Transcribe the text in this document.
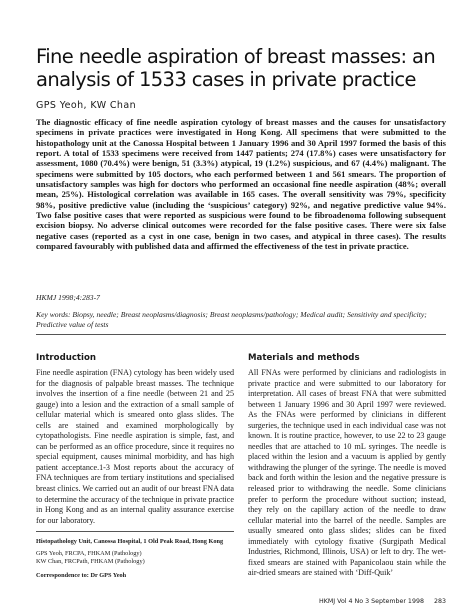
Fine needle aspiration of breast masses: an analysis of 1533 cases in private practice
GPS Yeoh, KW Chan

The diagnostic efficacy of fine needle aspiration cytology of breast masses and the causes for unsatisfactory specimens in private practices were investigated in Hong Kong. All specimens that were submitted to the histopathology unit at the Canossa Hospital between 1 January 1996 and 30 April 1997 formed the basis of this report. A total of 1533 specimens were received from 1447 patients; 274 (17.8%) cases were unsatisfactory for assessment, 1080 (70.4%) were benign, 51 (3.3%) atypical, 19 (1.2%) suspicious, and 67 (4.4%) malignant. The specimens were submitted by 105 doctors, who each performed between 1 and 561 smears. The proportion of unsatisfactory samples was high for doctors who performed an occasional fine needle aspiration (48%; overall mean, 25%). Histological correlation was available in 165 cases. The overall sensitivity was 79%, specificity 98%, positive predictive value (including the ‘suspicious’ category) 92%, and negative predictive value 94%. Two false positive cases that were reported as suspicious were found to be fibroadenoma following subsequent excision biopsy. No adverse clinical outcomes were recorded for the false positive cases. There were six false negative cases (reported as a cyst in one case, benign in two cases, and atypical in three cases). The results compared favourably with published data and affirmed the effectiveness of the test in private practice.

HKMJ 1998;4:283-7

Key words: Biopsy, needle; Breast neoplasms/diagnosis; Breast neoplasms/pathology; Medical audit; Sensitivity and specificity; Predictive value of tests

Introduction

Fine needle aspiration (FNA) cytology has been widely used for the diagnosis of palpable breast masses. The technique involves the insertion of a fine needle (between 21 and 25 gauge) into a lesion and the extraction of a small sample of cellular material which is smeared onto glass slides. The cells are stained and examined morphologically by cytopathologists. Fine needle aspiration is simple, fast, and can be performed as an office procedure, since it requires no special equipment, causes minimal morbidity, and has high patient acceptance.1-3 Most reports about the accuracy of FNA techniques are from tertiary institutions and specialised breast clinics. We carried out an audit of our breast FNA data to determine the accuracy of the technique in private practice in Hong Kong and as an internal quality assurance exercise for our laboratory.

Materials and methods

All FNAs were performed by clinicians and radiologists in private practice and were submitted to our laboratory for interpretation. All cases of breast FNA that were submitted between 1 January 1996 and 30 April 1997 were reviewed. As the FNAs were performed by clinicians in different surgeries, the technique used in each individual case was not known. It is routine practice, however, to use 22 to 23 gauge needles that are attached to 10 mL syringes. The needle is placed within the lesion and a vacuum is applied by gently withdrawing the plunger of the syringe. The needle is moved back and forth within the lesion and the negative pressure is released prior to withdrawing the needle. Some clinicians prefer to perform the procedure without suction; instead, they rely on the capillary action of the needle to draw cellular material into the barrel of the needle. Samples are usually smeared onto glass slides; slides can be fixed immediately with cytology fixative (Surgipath Medical Industries, Richmond, Illinois, USA) or left to dry. The wet-fixed smears are stained with Papanicolaou stain while the air-dried smears are stained with ‘Diff-Quik’

Histopathology Unit, Canossa Hospital, 1 Old Peak Road, Hong Kong

GPS Yeoh, FRCPA, FHKAM (Pathology)

KW Chan, FRCPath, FHKAM (Pathology)

Correspondence to: Dr GPS Yeoh

HKMJ Vol 4 No 3 September 1998 283
